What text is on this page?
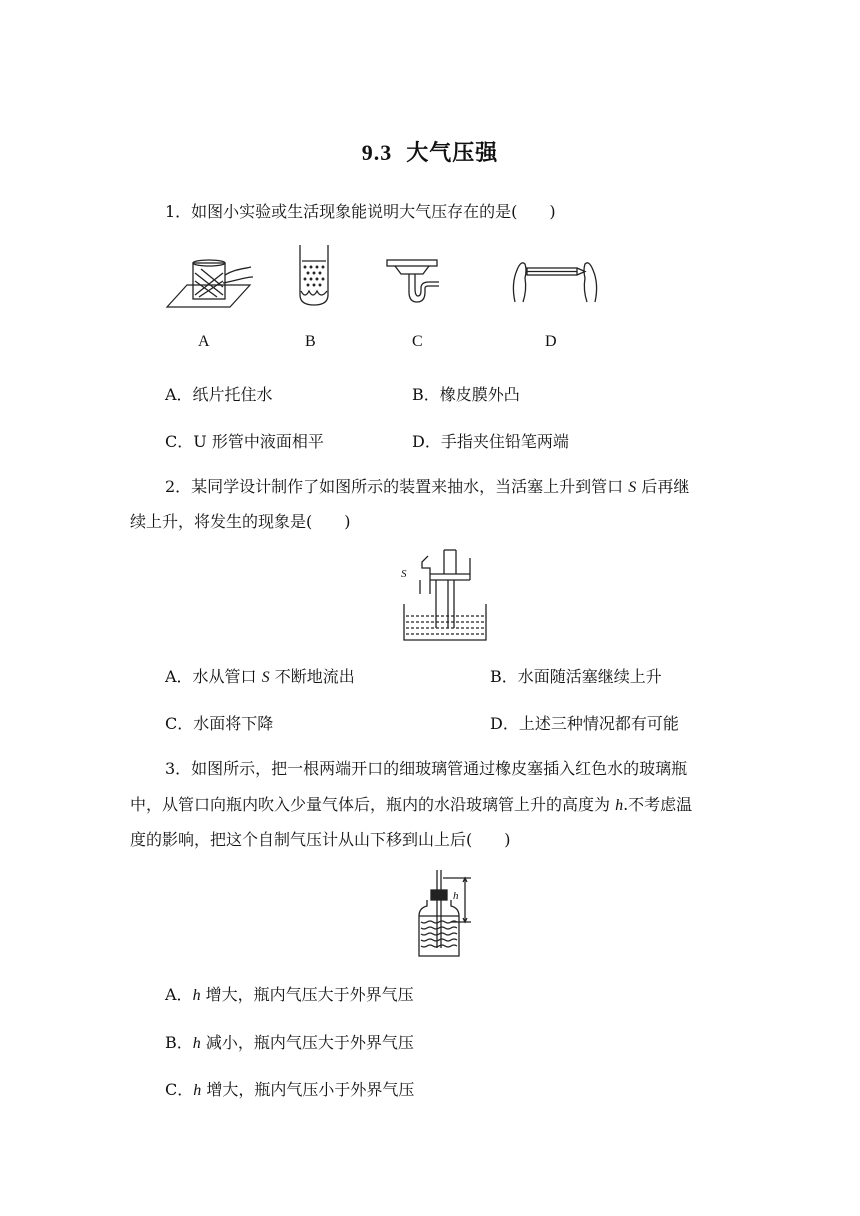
9.3 大气压强
1．如图小实验或生活现象能说明大气压存在的是(　　)
A	B	C	D
A．纸片托住水	B．橡皮膜外凸
C．U 形管中液面相平	D．手指夹住铅笔两端
2．某同学设计制作了如图所示的装置来抽水，当活塞上升到管口 S 后再继
续上升，将发生的现象是(　　)
S
A．水从管口 S 不断地流出	B．水面随活塞继续上升
C．水面将下降	D．上述三种情况都有可能
3．如图所示，把一根两端开口的细玻璃管通过橡皮塞插入红色水的玻璃瓶
中，从管口向瓶内吹入少量气体后，瓶内的水沿玻璃管上升的高度为 h.不考虑温
度的影响，把这个自制气压计从山下移到山上后(　　)
h
A．h 增大，瓶内气压大于外界气压
B．h 减小，瓶内气压大于外界气压
C．h 增大，瓶内气压小于外界气压
